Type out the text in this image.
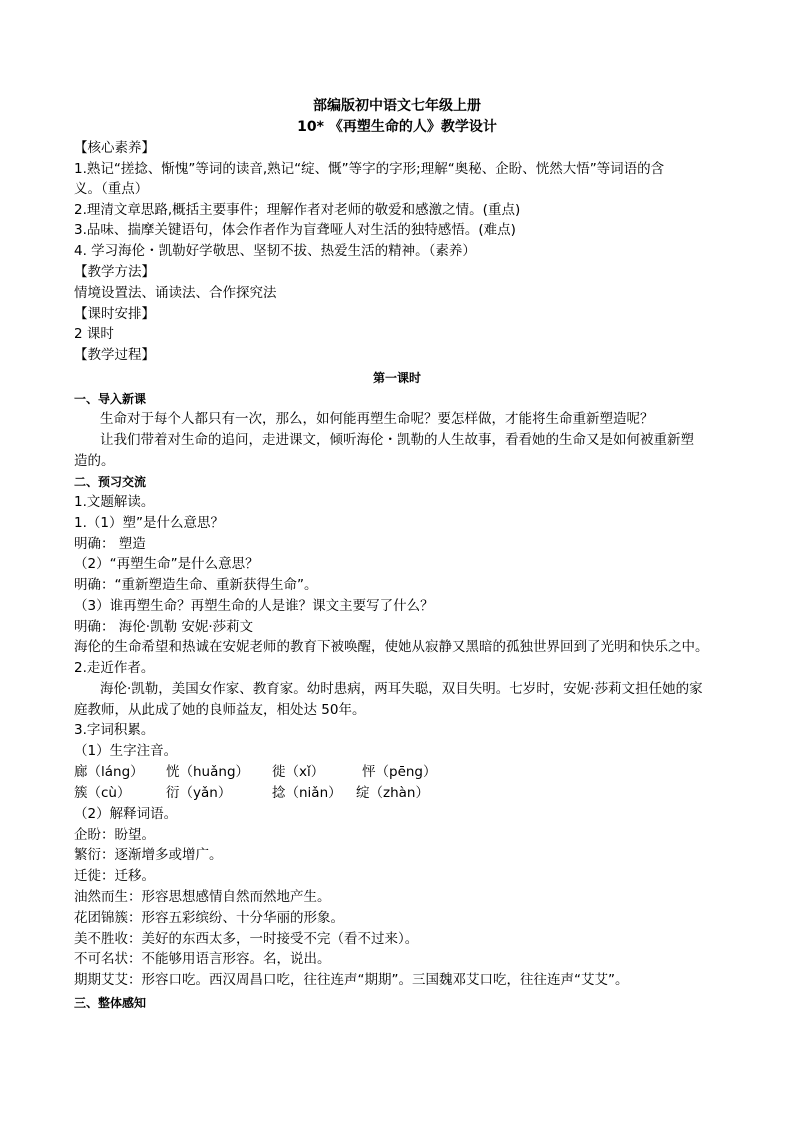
部编版初中语文七年级上册
10* 《再塑生命的人》教学设计
【核心素养】
1.熟记“搓捻、惭愧”等词的读音,熟记“绽、慨”等字的字形;理解“奥秘、企盼、恍然大悟”等词语的含
义。（重点）
2.理清文章思路,概括主要事件；理解作者对老师的敬爱和感激之情。(重点)
3.品味、揣摩关键语句，体会作者作为盲聋哑人对生活的独特感悟。(难点)
4. 学习海伦・凯勒好学敬思、坚韧不拔、热爱生活的精神。（素养）
【教学方法】
情境设置法、诵读法、合作探究法
【课时安排】
2 课时
【教学过程】
第一课时
一、导入新课
生命对于每个人都只有一次，那么，如何能再塑生命呢？要怎样做，才能将生命重新塑造呢？
让我们带着对生命的追问，走进课文，倾听海伦・凯勒的人生故事，看看她的生命又是如何被重新塑
造的。
二、预习交流
1.文题解读。
1.（1）塑”是什么意思？
明确： 塑造
（2）“再塑生命”是什么意思？
明确：“重新塑造生命、重新获得生命”。
（3）谁再塑生命？再塑生命的人是谁？课文主要写了什么？
明确： 海伦·凯勒 安妮·莎莉文
海伦的生命希望和热诚在安妮老师的教育下被唤醒，使她从寂静又黑暗的孤独世界回到了光明和快乐之中。
2.走近作者。
海伦·凯勒，美国女作家、教育家。幼时患病，两耳失聪，双目失明。七岁时，安妮·莎莉文担任她的家
庭教师，从此成了她的良师益友，相处达 50年。
3.字词积累。
（1）生字注音。
廊（láng） 恍（huǎng） 徙（xǐ）	怦（pēng）
簇（cù）	衍（yǎn）	捻（niǎn） 绽（zhàn）
（2）解释词语。
企盼：盼望。
繁衍：逐渐增多或增广。
迁徙：迁移。
油然而生：形容思想感情自然而然地产生。
花团锦簇：形容五彩缤纷、十分华丽的形象。
美不胜收：美好的东西太多，一时接受不完（看不过来）。
不可名状：不能够用语言形容。名，说出。
期期艾艾：形容口吃。西汉周昌口吃，往往连声“期期”。三国魏邓艾口吃，往往连声“艾艾”。
三、整体感知
